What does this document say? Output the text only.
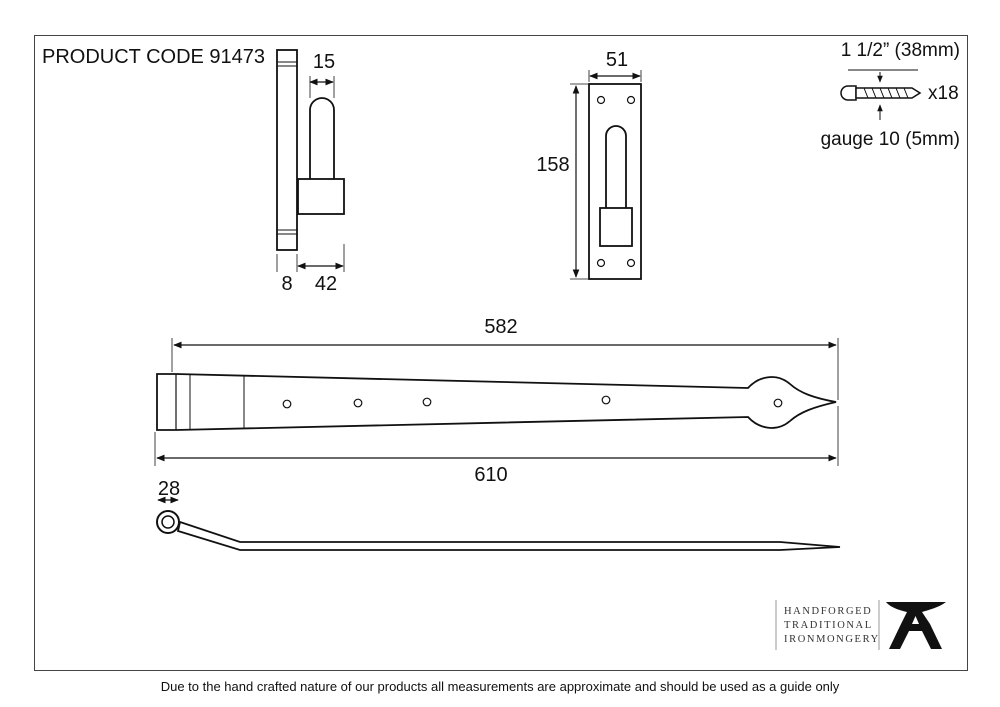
PRODUCT CODE 91473 15
8 42
51
158
1 1/2” (38mm)
x18
gauge 10 (5mm)
582
610
28
HANDFORGED
TRADITIONAL
IRONMONGERY
Due to the hand crafted nature of our products all measurements are approximate and should be used as a guide only
